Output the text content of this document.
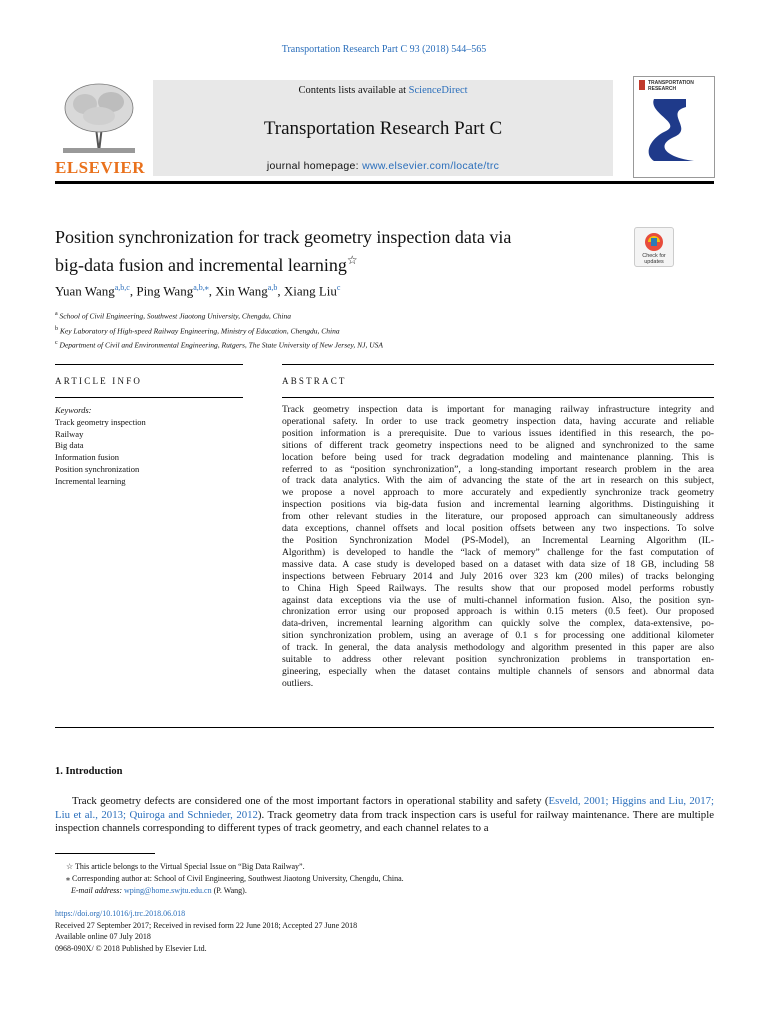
Transportation Research Part C 93 (2018) 544–565
ELSEVIER
Contents lists available at ScienceDirect
Transportation Research Part C
journal homepage: www.elsevier.com/locate/trc
TRANSPORTATION
RESEARCH
Position synchronization for track geometry inspection data via
big-data fusion and incremental learning☆	Check for
updates
Yuan Wang$^{a,b,c}$, Ping Wang$^{a,b,⁎}$, Xin Wang$^{a,b}$, Xiang Liu$^c$
$^a$ School of Civil Engineering, Southwest Jiaotong University, Chengdu, China
$^b$ Key Laboratory of High-speed Railway Engineering, Ministry of Education, Chengdu, China
$^c$ Department of Civil and Environmental Engineering, Rutgers, The State University of New Jersey, NJ, USA
ARTICLE INFO
Keywords:
Track geometry inspection
Railway
Big data
Information fusion
Position synchronization
Incremental learning
ABSTRACT
Track geometry inspection data is important for managing railway infrastructure integrity and
operational safety. In order to use track geometry inspection data, having accurate and reliable
position information is a prerequisite. Due to various issues identified in this research, the po-
sitions of different track geometry inspections need to be aligned and synchronized to the same
location before being used for track degradation modeling and maintenance planning. This is
referred to as “position synchronization”, a long-standing important research problem in the area
of track data analytics. With the aim of advancing the state of the art in research on this subject,
we propose a novel approach to more accurately and expediently synchronize track geometry
inspection positions via big-data fusion and incremental learning algorithms. Distinguishing it
from other relevant studies in the literature, our proposed approach can simultaneously address
data exceptions, channel offsets and local position offsets between any two inspections. To solve
the Position Synchronization Model (PS-Model), an Incremental Learning Algorithm (IL-
Algorithm) is developed to handle the “lack of memory” challenge for the fast computation of
massive data. A case study is developed based on a dataset with data size of 18 GB, including 58
inspections between February 2014 and July 2016 over 323 km (200 miles) of tracks belonging
to China High Speed Railways. The results show that our proposed model performs robustly
against data exceptions via the use of multi-channel information fusion. Also, the position syn-
chronization error using our proposed approach is within 0.15 meters (0.5 feet). Our proposed
data-driven, incremental learning algorithm can quickly solve the complex, data-extensive, po-
sition synchronization problem, using an average of 0.1 s for processing one additional kilometer
of track. In general, the data analysis methodology and algorithm presented in this paper are also
suitable to address other relevant position synchronization problems in transportation en-
gineering, especially when the dataset contains multiple channels of sensors and abnormal data
outliers.
1. Introduction
Track geometry defects are considered one of the most important factors in operational stability and safety (Esveld, 2001; Higgins and Liu, 2017; Liu et al., 2013; Quiroga and Schnieder, 2012). Track geometry data from track inspection cars is useful for railway maintenance. There are multiple inspection channels corresponding to different types of track geometry, and each channel relates to a
☆ This article belongs to the Virtual Special Issue on “Big Data Railway”.
⁎ Corresponding author at: School of Civil Engineering, Southwest Jiaotong University, Chengdu, China.
E-mail address: wping@home.swjtu.edu.cn (P. Wang).
https://doi.org/10.1016/j.trc.2018.06.018
Received 27 September 2017; Received in revised form 22 June 2018; Accepted 27 June 2018
Available online 07 July 2018
0968-090X/ © 2018 Published by Elsevier Ltd.
